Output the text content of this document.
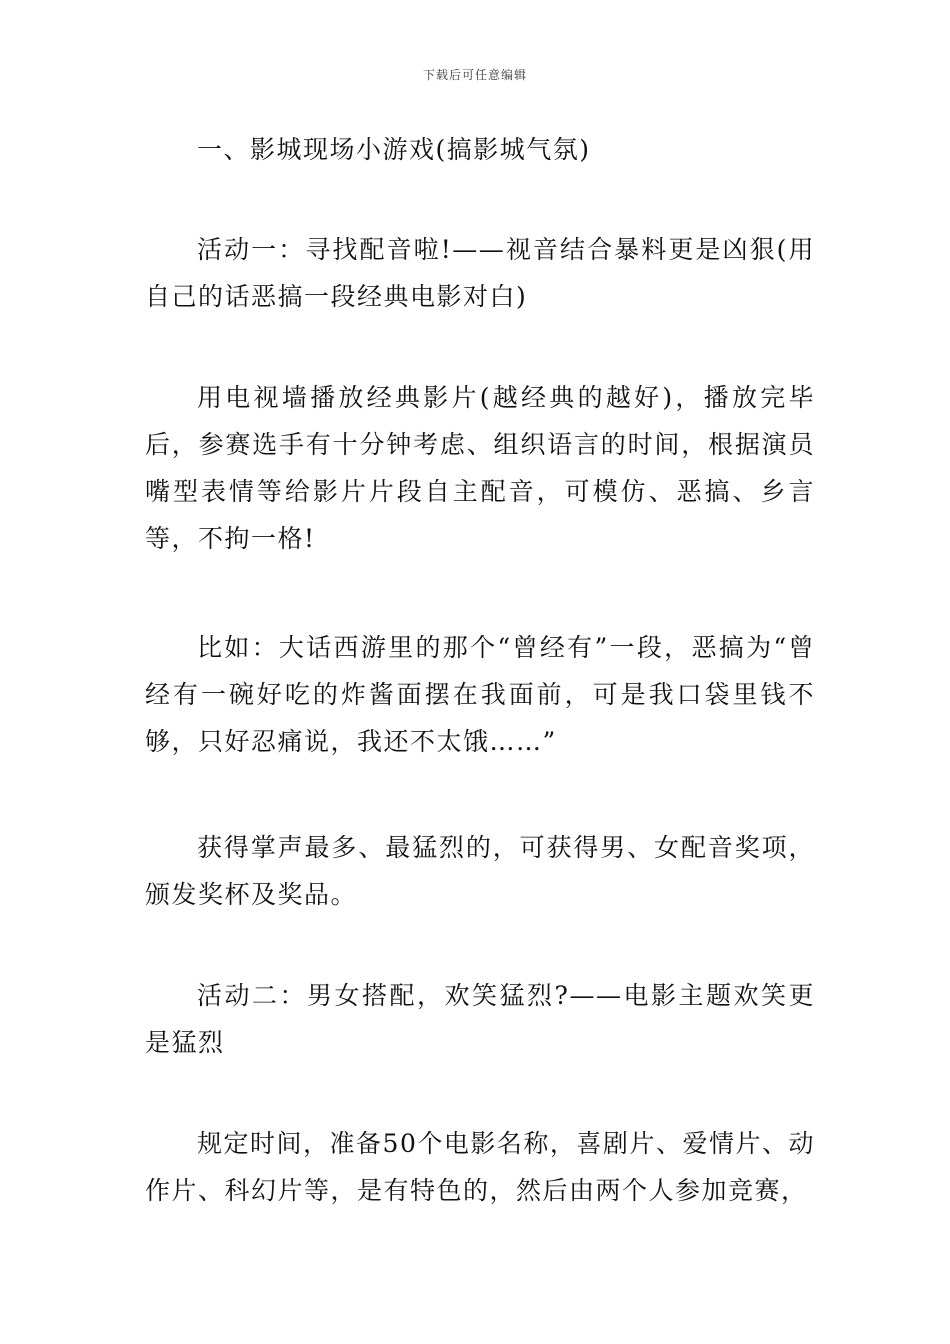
下载后可任意编辑

一、影城现场小游戏(搞影城气氛)

活动一：寻找配音啦!——视音结合暴料更是凶狠(用自己的话恶搞一段经典电影对白)

用电视墙播放经典影片(越经典的越好)，播放完毕后，参赛选手有十分钟考虑、组织语言的时间，根据演员嘴型表情等给影片片段自主配音，可模仿、恶搞、乡言等，不拘一格!

比如：大话西游里的那个“曾经有”一段，恶搞为“曾经有一碗好吃的炸酱面摆在我面前，可是我口袋里钱不够，只好忍痛说，我还不太饿……”

获得掌声最多、最猛烈的，可获得男、女配音奖项，颁发奖杯及奖品。

活动二：男女搭配，欢笑猛烈?——电影主题欢笑更是猛烈

规定时间，准备50个电影名称，喜剧片、爱情片、动作片、科幻片等，是有特色的，然后由两个人参加竞赛，
